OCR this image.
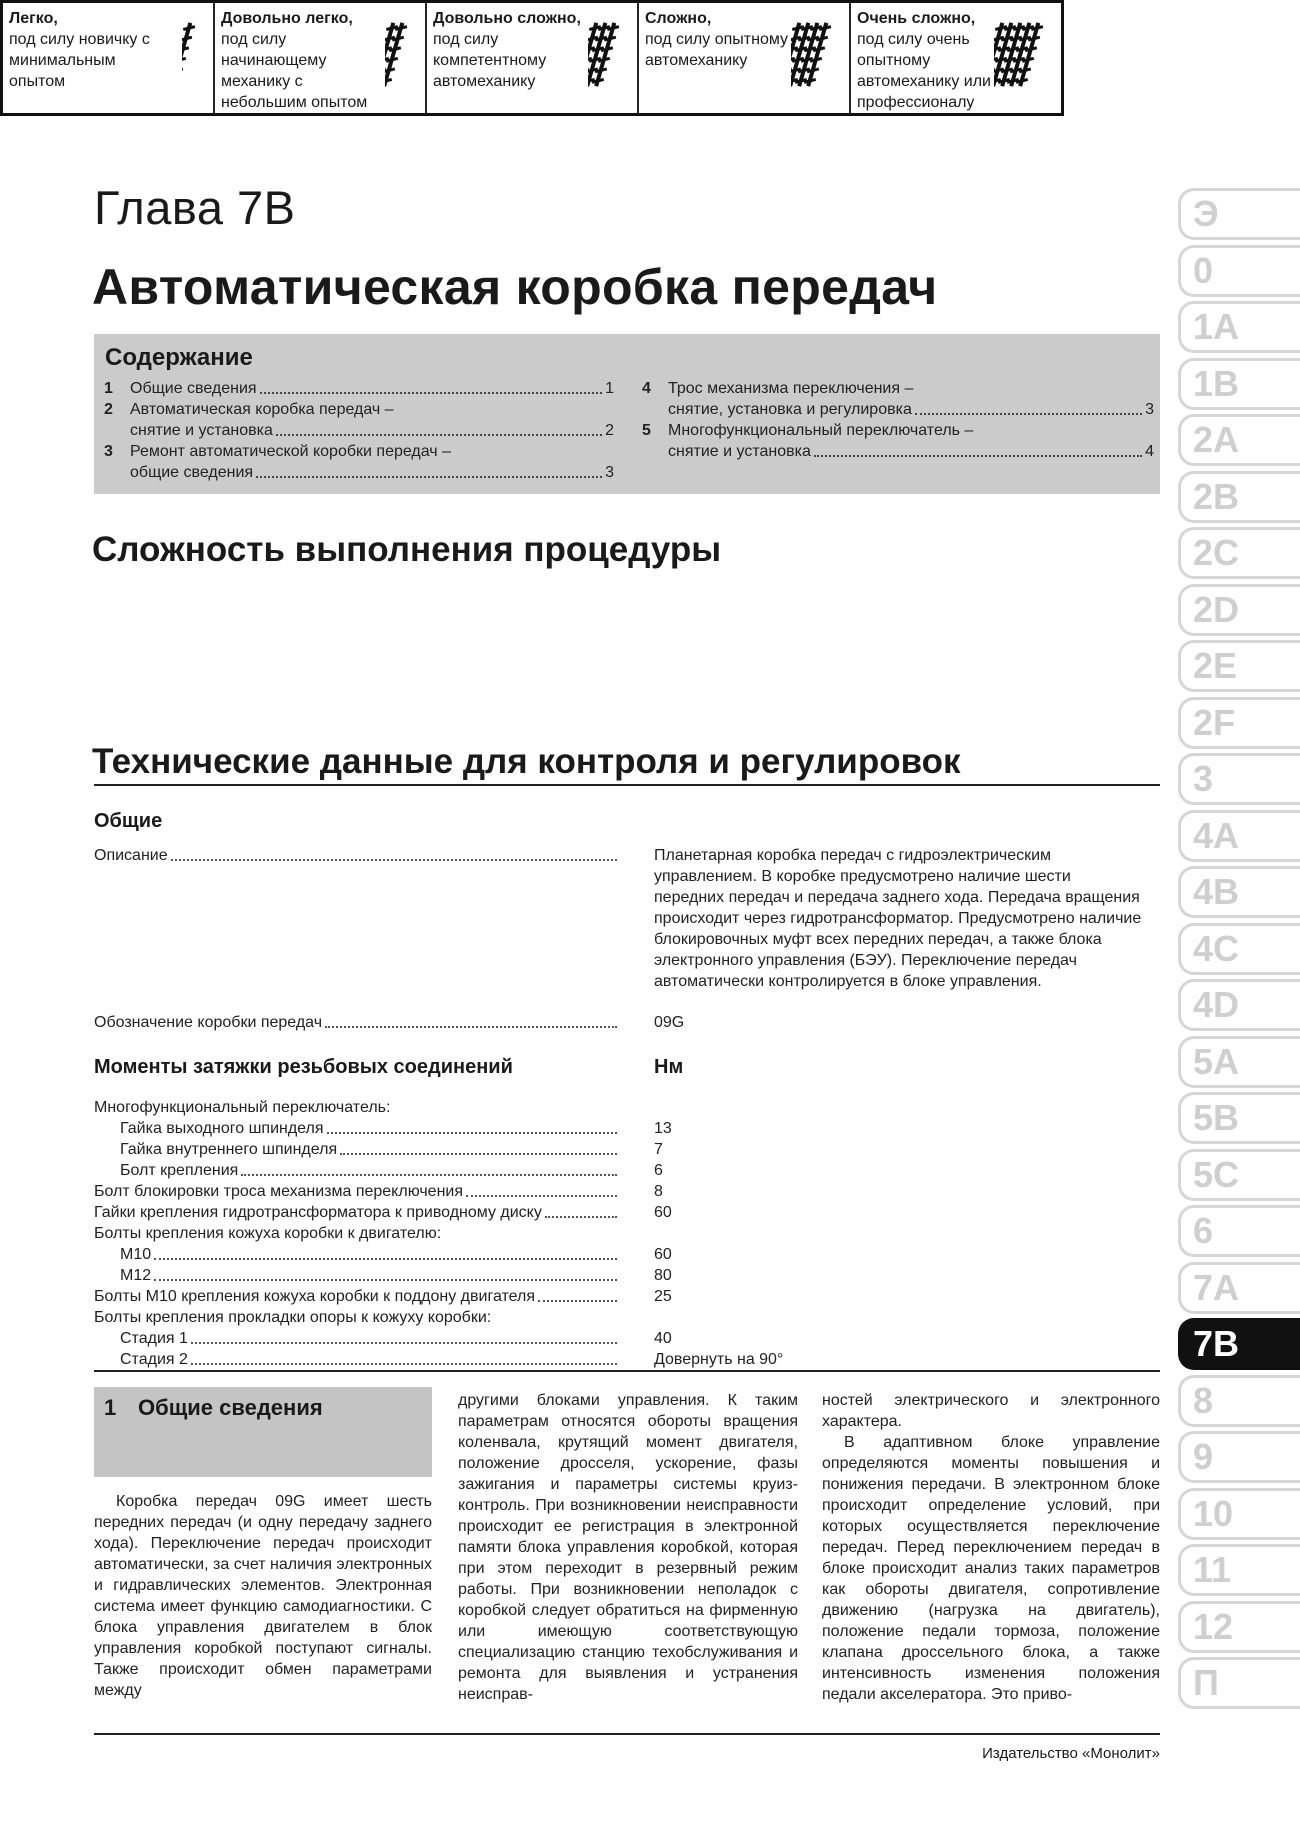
Глава 7В
Автоматическая коробка передач
Содержание
1	Общие сведения	1
2	Автоматическая коробка передач –
снятие и установка	2
3	Ремонт автоматической коробки передач –
общие сведения	3
4	Трос механизма переключения –
снятие, установка и регулировка	3
5	Многофункциональный переключатель –
снятие и установка	4
Сложность выполнения процедуры
Легко,
под силу новичку с минимальным опытом
Довольно легко,
под силу начинающему механику с небольшим опытом
Довольно сложно,
под силу компетентному автомеханику
Сложно,
под силу опытному автомеханику
Очень сложно,
под силу очень опытному автомеханику или профессионалу
Технические данные для контроля и регулировок
Общие
Описание	Планетарная коробка передач с гидроэлектрическим управлением. В коробке предусмотрено наличие шести передних передач и передача заднего хода. Передача вращения происходит через гидротрансформатор. Предусмотрено наличие блокировочных муфт всех передних передач, а также блока электронного управления (БЭУ). Переключение передач автоматически контролируется в блоке управления.
Обозначение коробки передач	09G
Моменты затяжки резьбовых соединений	Нм
Многофункциональный переключатель:
Гайка выходного шпинделя	13
Гайка внутреннего шпинделя	7
Болт крепления	6
Болт блокировки троса механизма переключения	8
Гайки крепления гидротрансформатора к приводному диску	60
Болты крепления кожуха коробки к двигателю:
М10	60
М12	80
Болты М10 крепления кожуха коробки к поддону двигателя	25
Болты крепления прокладки опоры к кожуху коробки:
Стадия 1	40
Стадия 2	Довернуть на 90°
1 Общие сведения

Коробка передач 09G имеет шесть передних передач (и одну передачу заднего хода). Переключение передач происходит автоматически, за счет наличия электронных и гидравлических элементов. Электронная система имеет функцию самодиагностики. С блока управления двигателем в блок управления коробкой поступают сигналы. Также происходит обмен параметрами между

другими блоками управления. К таким параметрам относятся обороты вращения коленвала, крутящий момент двигателя, положение дросселя, ускорение, фазы зажигания и параметры системы круиз-контроль. При возникновении неисправности происходит ее регистрация в электронной памяти блока управления коробкой, которая при этом переходит в резервный режим работы. При возникновении неполадок с коробкой следует обратиться на фирменную или имеющую соответствующую специализацию станцию техобслуживания и ремонта для выявления и устранения неисправ-

ностей электрического и электронного характера.

В адаптивном блоке управление определяются моменты повышения и понижения передачи. В электронном блоке происходит определение условий, при которых осуществляется переключение передач. Перед переключением передач в блоке происходит анализ таких параметров как обороты двигателя, сопротивление движению (нагрузка на двигатель), положение педали тормоза, положение клапана дроссельного блока, а также интенсивность изменения положения педали акселератора. Это приво-

Э
0
1A
1B
2A
2B
2C
2D
2E
2F
3
4A
4B
4C
4D
5A
5B
5C
6
7A
7B
8
9
10
11
12
П
Издательство «Монолит»
